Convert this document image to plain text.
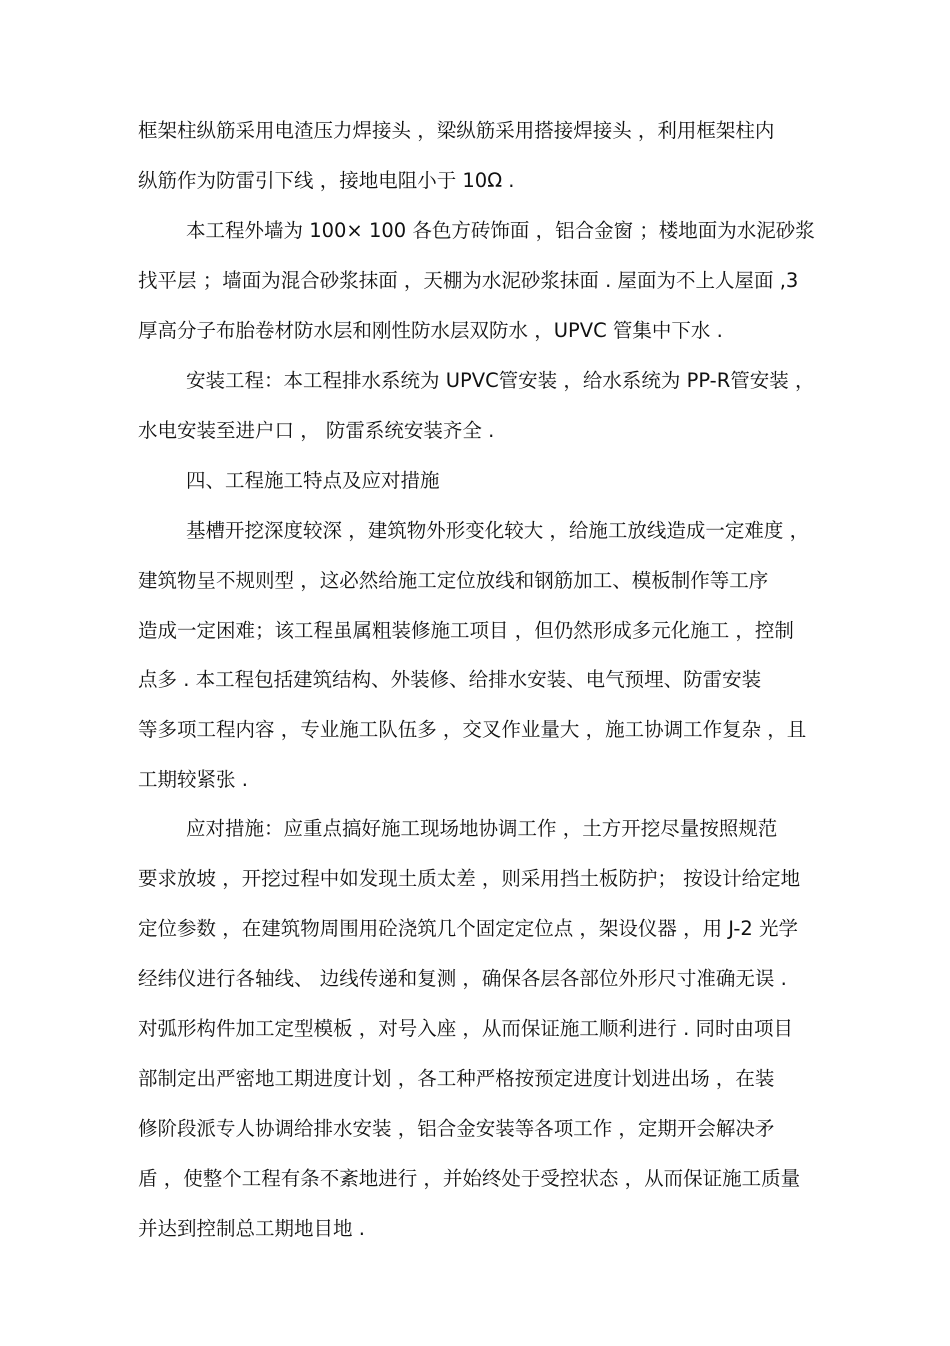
框架柱纵筋采用电渣压力焊接头 ，梁纵筋采用搭接焊接头 ，利用框架柱内
纵筋作为防雷引下线 ，接地电阻小于 10Ω .
本工程外墙为 100× 100 各色方砖饰面 ，铝合金窗 ；楼地面为水泥砂浆
找平层 ；墙面为混合砂浆抹面 ，天棚为水泥砂浆抹面 . 屋面为不上人屋面 ,3
厚高分子布胎卷材防水层和刚性防水层双防水 ，UPVC 管集中下水 .
安装工程：本工程排水系统为 UPVC管安装 ，给水系统为 PP-R管安装 ，
水电安装至进户口 ， 防雷系统安装齐全 .
四、工程施工特点及应对措施
基槽开挖深度较深 ，建筑物外形变化较大 ，给施工放线造成一定难度 ，
建筑物呈不规则型 ，这必然给施工定位放线和钢筋加工、模板制作等工序
造成一定困难；该工程虽属粗装修施工项目 ，但仍然形成多元化施工 ，控制
点多 . 本工程包括建筑结构、外装修、给排水安装、电气预埋、防雷安装
等多项工程内容 ，专业施工队伍多 ，交叉作业量大 ，施工协调工作复杂 ，且
工期较紧张 .
应对措施：应重点搞好施工现场地协调工作 ，土方开挖尽量按照规范
要求放坡 ，开挖过程中如发现土质太差 ，则采用挡土板防护； 按设计给定地
定位参数 ，在建筑物周围用砼浇筑几个固定定位点 ，架设仪器 ，用 J-2 光学
经纬仪进行各轴线、 边线传递和复测 ，确保各层各部位外形尺寸准确无误 .
对弧形构件加工定型模板 ，对号入座 ，从而保证施工顺利进行 . 同时由项目
部制定出严密地工期进度计划 ，各工种严格按预定进度计划进出场 ，在装
修阶段派专人协调给排水安装 ，铝合金安装等各项工作 ，定期开会解决矛
盾 ，使整个工程有条不紊地进行 ，并始终处于受控状态 ，从而保证施工质量
并达到控制总工期地目地 .
